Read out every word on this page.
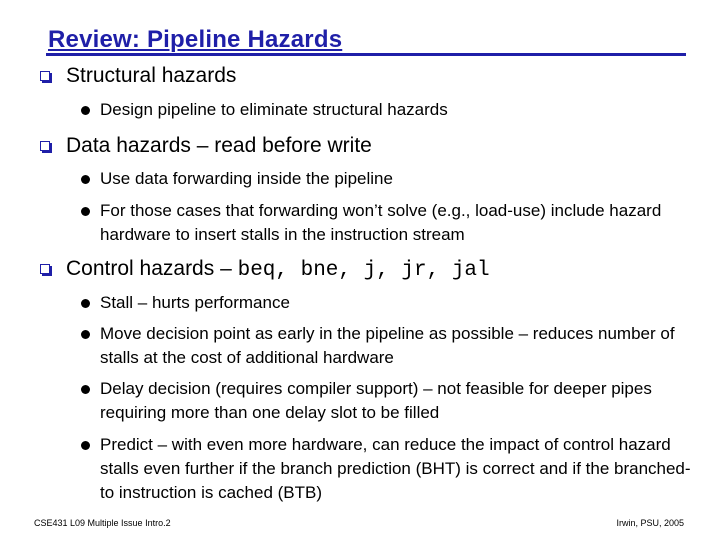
Review: Pipeline Hazards
Structural hazards
Design pipeline to eliminate structural hazards
Data hazards – read before write
Use data forwarding inside the pipeline
For those cases that forwarding won’t solve (e.g., load-use) include hazard hardware to insert stalls in the instruction stream
Control hazards – beq, bne, j, jr, jal
Stall – hurts performance
Move decision point as early in the pipeline as possible – reduces number of stalls at the cost of additional hardware
Delay decision (requires compiler support) – not feasible for deeper pipes requiring more than one delay slot to be filled
Predict – with even more hardware, can reduce the impact of control hazard stalls even further if the branch prediction (BHT) is correct and if the branched-to instruction is cached (BTB)
CSE431 L09 Multiple Issue Intro.2	Irwin, PSU, 2005
